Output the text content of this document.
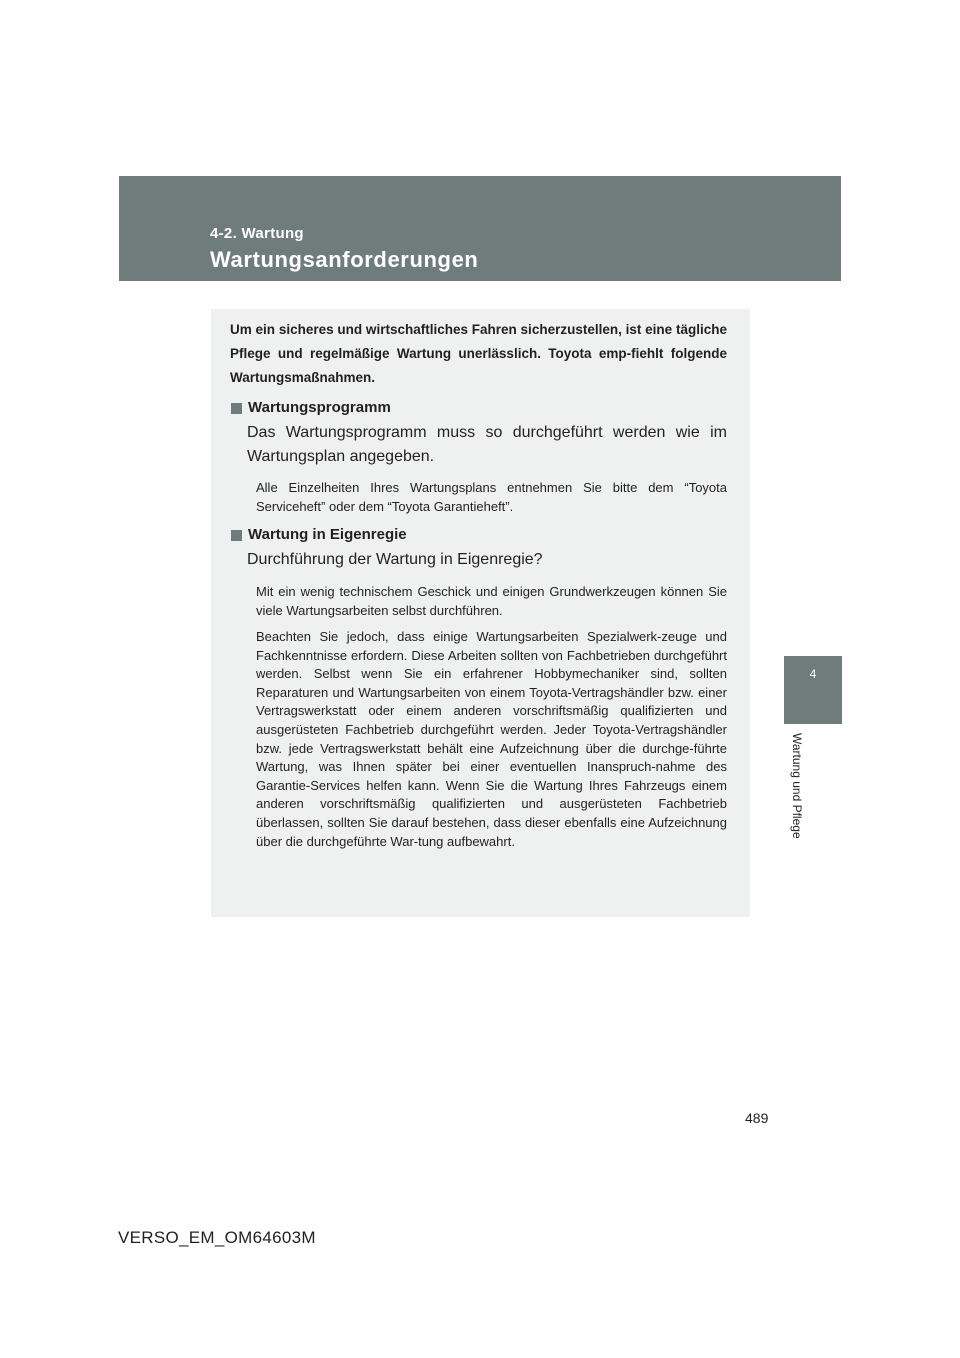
4-2. Wartung

Wartungsanforderungen
4
Wartung und Pflege

Um ein sicheres und wirtschaftliches Fahren sicherzustellen, ist eine tägliche Pflege und regelmäßige Wartung unerlässlich. Toyota emp-fiehlt folgende Wartungsmaßnahmen.

Wartungsprogramm

Das Wartungsprogramm muss so durchgeführt werden wie im Wartungsplan angegeben.

Alle Einzelheiten Ihres Wartungsplans entnehmen Sie bitte dem “Toyota Serviceheft” oder dem “Toyota Garantieheft”.

Wartung in Eigenregie

Durchführung der Wartung in Eigenregie?

Mit ein wenig technischem Geschick und einigen Grundwerkzeugen können Sie viele Wartungsarbeiten selbst durchführen.

Beachten Sie jedoch, dass einige Wartungsarbeiten Spezialwerk-zeuge und Fachkenntnisse erfordern. Diese Arbeiten sollten von Fachbetrieben durchgeführt werden. Selbst wenn Sie ein erfahrener Hobbymechaniker sind, sollten Reparaturen und Wartungsarbeiten von einem Toyota-Vertragshändler bzw. einer Vertragswerkstatt oder einem anderen vorschriftsmäßig qualifizierten und ausgerüsteten Fachbetrieb durchgeführt werden. Jeder Toyota-Vertragshändler bzw. jede Vertragswerkstatt behält eine Aufzeichnung über die durchge-führte Wartung, was Ihnen später bei einer eventuellen Inanspruch-nahme des Garantie-Services helfen kann. Wenn Sie die Wartung Ihres Fahrzeugs einem anderen vorschriftsmäßig qualifizierten und ausgerüsteten Fachbetrieb überlassen, sollten Sie darauf bestehen, dass dieser ebenfalls eine Aufzeichnung über die durchgeführte War-tung aufbewahrt.

489

VERSO_EM_OM64603M
